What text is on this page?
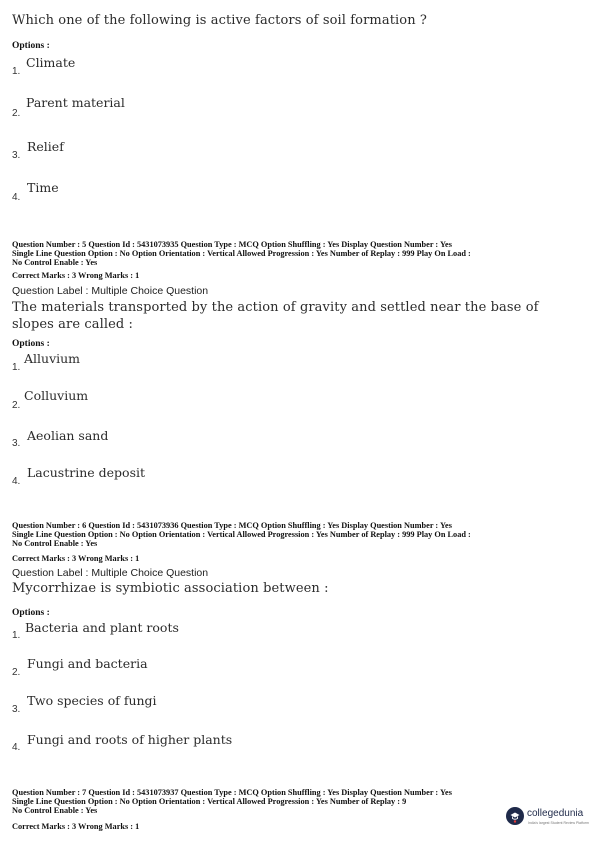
Which one of the following is active factors of soil formation ?
Options :
1.
Climate
2.
Parent material
3.
Relief
4.
Time
Question Number : 5 Question Id : 5431073935 Question Type : MCQ Option Shuffling : Yes Display Question Number : Yes
Single Line Question Option : No Option Orientation : Vertical Allowed Progression : Yes Number of Replay : 999 Play On Load :
No Control Enable : Yes
Correct Marks : 3 Wrong Marks : 1
Question Label : Multiple Choice Question
The materials transported by the action of gravity and settled near the base of
slopes are called :
Options :
1.
Alluvium
2.
Colluvium
3.
Aeolian sand
4.
Lacustrine deposit
Question Number : 6 Question Id : 5431073936 Question Type : MCQ Option Shuffling : Yes Display Question Number : Yes
Single Line Question Option : No Option Orientation : Vertical Allowed Progression : Yes Number of Replay : 999 Play On Load :
No Control Enable : Yes
Correct Marks : 3 Wrong Marks : 1
Question Label : Multiple Choice Question
Mycorrhizae is symbiotic association between :
Options :
1.
Bacteria and plant roots
2.
Fungi and bacteria
3.
Two species of fungi
4.
Fungi and roots of higher plants
Question Number : 7 Question Id : 5431073937 Question Type : MCQ Option Shuffling : Yes Display Question Number : Yes
Single Line Question Option : No Option Orientation : Vertical Allowed Progression : Yes Number of Replay : 9
No Control Enable : Yes
Correct Marks : 3 Wrong Marks : 1
collegedunia
India's largest Student Review Platform
